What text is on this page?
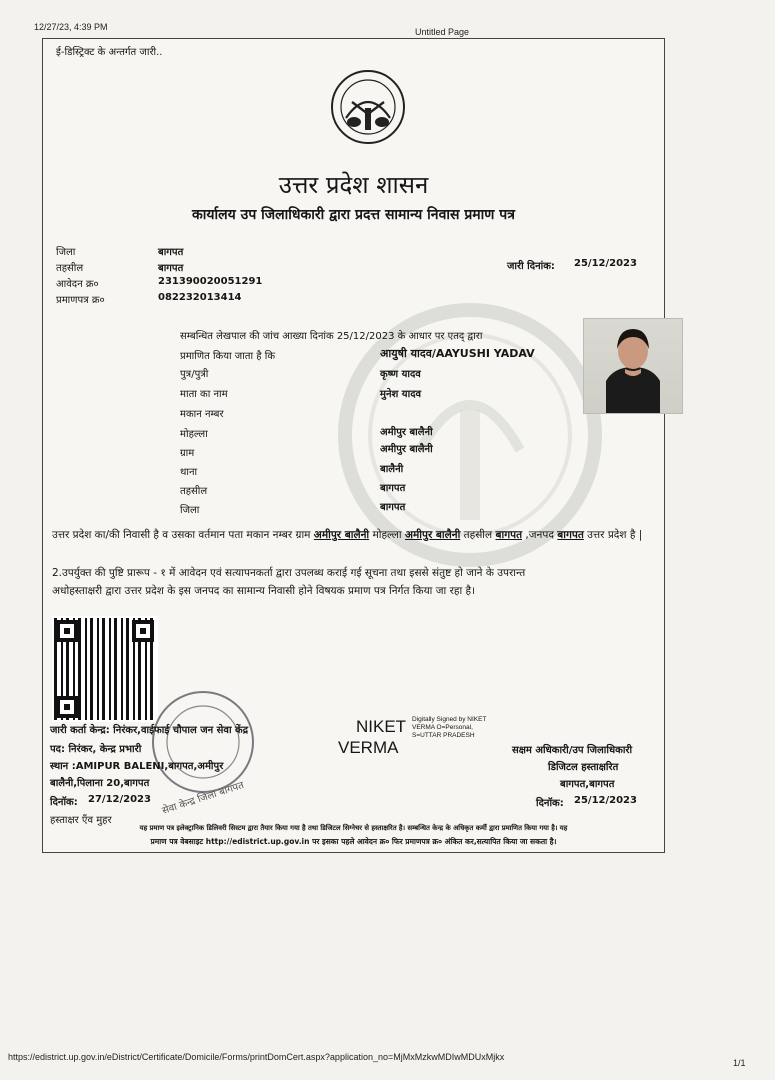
12/27/23, 4:39 PM	Untitled Page
ई-डिस्ट्रिक्ट के अन्तर्गत जारी..
उत्तर प्रदेश शासन
कार्यालय उप जिलाधिकारी द्वारा प्रदत्त सामान्य निवास प्रमाण पत्र
जिला	बागपत
तहसील	बागपत
आवेदन क्र०	231390020051291
प्रमाणपत्र क्र०	082232013414
जारी दिनांक: 25/12/2023
सम्बन्धित लेखपाल की जांच आख्या दिनांक 25/12/2023 के आधार पर एतद् द्वारा
प्रमाणित किया जाता है कि	आयुषी यादव/AAYUSHI YADAV
पुत्र/पुत्री	कृष्ण यादव
माता का नाम	मुनेश यादव
मकान नम्बर
मोहल्ला	अमीपुर बालैनी
ग्राम	अमीपुर बालैनी
थाना	बालैनी
तहसील	बागपत
जिला	बागपत
उत्तर प्रदेश का/की निवासी है व उसका वर्तमान पता मकान नम्बर ग्राम अमीपुर बालैनी मोहल्ला अमीपुर बालैनी तहसील बागपत ,जनपद बागपत उत्तर प्रदेश है |
2.उपर्युक्त की पुष्टि प्रारूप - १ में आवेदन एवं सत्यापनकर्ता द्वारा उपलब्ध कराई गई सूचना तथा इससे संतुष्ट हो जाने के उपरान्त
अधोहस्ताक्षरी द्वारा उत्तर प्रदेश के इस जनपद का सामान्य निवासी होने विषयक प्रमाण पत्र निर्गत किया जा रहा है।
सेवा केन्द्र जिला बागपत
जारी कर्ता केन्द्र: निरंकर,वाईफाई चौपाल जन सेवा केंद्र
पद: निरंकर, केन्द्र प्रभारी
स्थान :AMIPUR BALENI,बागपत,अमीपुर
बालैनी,पिलाना 20,बागपत
दिनॉक: 27/12/2023
हस्ताक्षर एँव मुहर
NIKET
VERMA
Digitally Signed by NIKET
VERMA O=Personal,
S=UTTAR PRADESH
सक्षम अधिकारी/उप जिलाधिकारी
डिजिटल हस्ताक्षरित
बागपत,बागपत
दिनॉक: 25/12/2023
यह प्रमाण पत्र इलेक्ट्रानिक डिलिवरी सिस्टम द्वारा तैयार किया गया है तथा डिजिटल सिग्नेचर से हस्ताक्षरित है। सम्बन्धित केन्द्र के अधिकृत कर्मी द्वारा प्रमाणित किया गया है। यह
प्रमाण पत्र वेबसाइट http://edistrict.up.gov.in पर इसका पहले आवेदन क्र० फिर प्रमाणपत्र क्र० अंकित कर,सत्यापित किया जा सकता है।
https://edistrict.up.gov.in/eDistrict/Certificate/Domicile/Forms/printDomCert.aspx?application_no=MjMxMzkwMDIwMDUxMjkx
1/1
